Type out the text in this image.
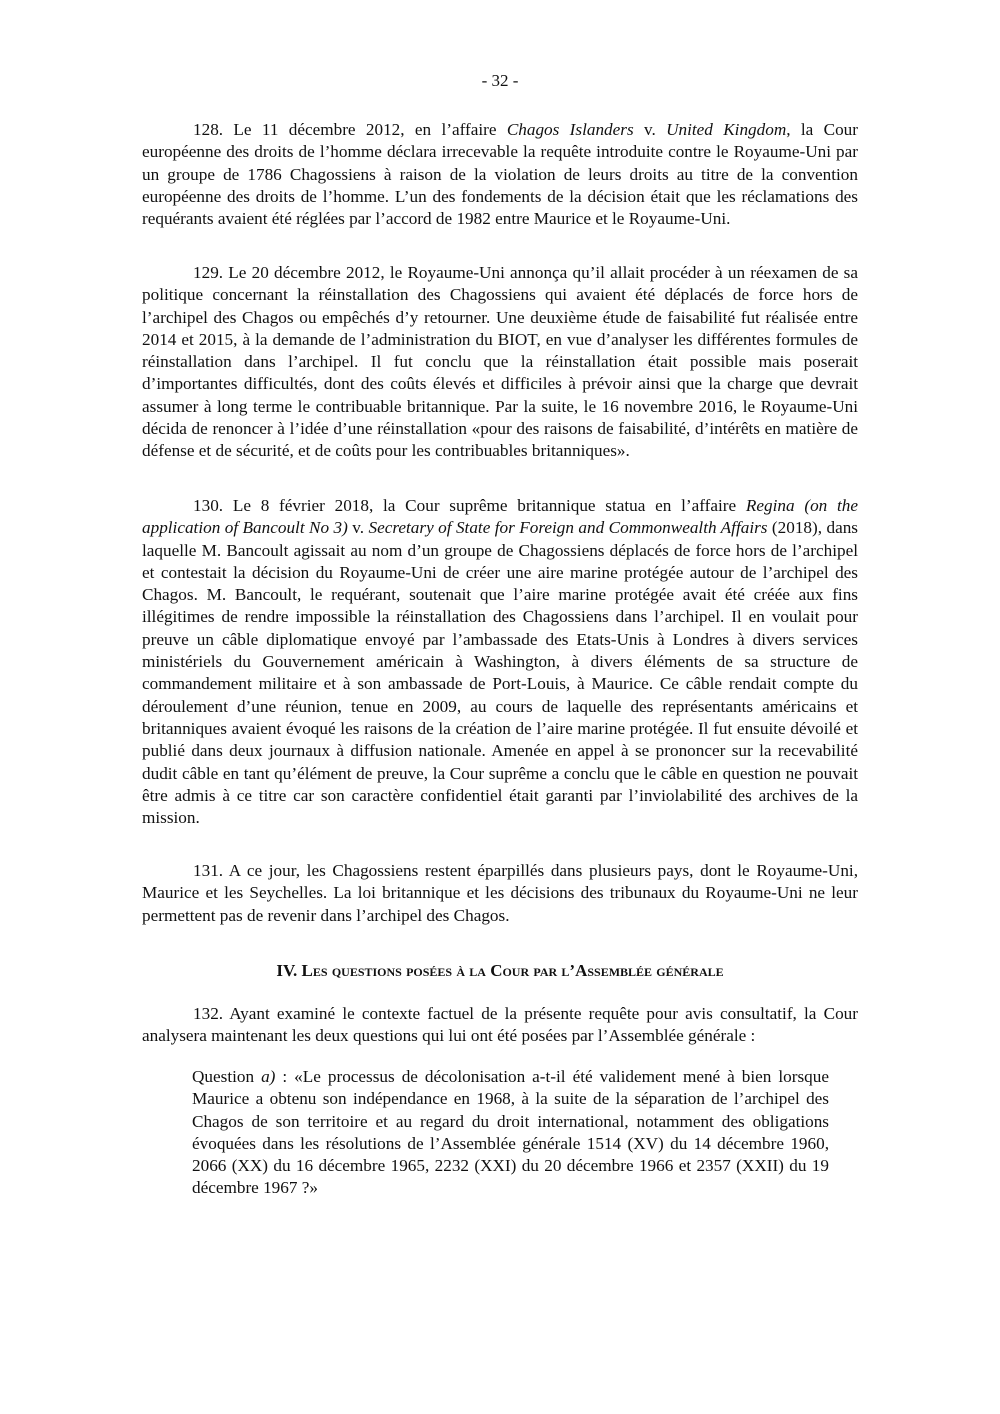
- 32 -

128. Le 11 décembre 2012, en l’affaire Chagos Islanders v. United Kingdom, la Cour européenne des droits de l’homme déclara irrecevable la requête introduite contre le Royaume-Uni par un groupe de 1786 Chagossiens à raison de la violation de leurs droits au titre de la convention européenne des droits de l’homme. L’un des fondements de la décision était que les réclamations des requérants avaient été réglées par l’accord de 1982 entre Maurice et le Royaume-Uni.

129. Le 20 décembre 2012, le Royaume-Uni annonça qu’il allait procéder à un réexamen de sa politique concernant la réinstallation des Chagossiens qui avaient été déplacés de force hors de l’archipel des Chagos ou empêchés d’y retourner. Une deuxième étude de faisabilité fut réalisée entre 2014 et 2015, à la demande de l’administration du BIOT, en vue d’analyser les différentes formules de réinstallation dans l’archipel. Il fut conclu que la réinstallation était possible mais poserait d’importantes difficultés, dont des coûts élevés et difficiles à prévoir ainsi que la charge que devrait assumer à long terme le contribuable britannique. Par la suite, le 16 novembre 2016, le Royaume-Uni décida de renoncer à l’idée d’une réinstallation «pour des raisons de faisabilité, d’intérêts en matière de défense et de sécurité, et de coûts pour les contribuables britanniques».

130. Le 8 février 2018, la Cour suprême britannique statua en l’affaire Regina (on the application of Bancoult No 3) v. Secretary of State for Foreign and Commonwealth Affairs (2018), dans laquelle M. Bancoult agissait au nom d’un groupe de Chagossiens déplacés de force hors de l’archipel et contestait la décision du Royaume-Uni de créer une aire marine protégée autour de l’archipel des Chagos. M. Bancoult, le requérant, soutenait que l’aire marine protégée avait été créée aux fins illégitimes de rendre impossible la réinstallation des Chagossiens dans l’archipel. Il en voulait pour preuve un câble diplomatique envoyé par l’ambassade des Etats-Unis à Londres à divers services ministériels du Gouvernement américain à Washington, à divers éléments de sa structure de commandement militaire et à son ambassade de Port-Louis, à Maurice. Ce câble rendait compte du déroulement d’une réunion, tenue en 2009, au cours de laquelle des représentants américains et britanniques avaient évoqué les raisons de la création de l’aire marine protégée. Il fut ensuite dévoilé et publié dans deux journaux à diffusion nationale. Amenée en appel à se prononcer sur la recevabilité dudit câble en tant qu’élément de preuve, la Cour suprême a conclu que le câble en question ne pouvait être admis à ce titre car son caractère confidentiel était garanti par l’inviolabilité des archives de la mission.

131. A ce jour, les Chagossiens restent éparpillés dans plusieurs pays, dont le Royaume-Uni, Maurice et les Seychelles. La loi britannique et les décisions des tribunaux du Royaume-Uni ne leur permettent pas de revenir dans l’archipel des Chagos.

IV. Les questions posées à la Cour par l’Assemblée générale

132. Ayant examiné le contexte factuel de la présente requête pour avis consultatif, la Cour analysera maintenant les deux questions qui lui ont été posées par l’Assemblée générale :

Question a) : «Le processus de décolonisation a-t-il été validement mené à bien lorsque Maurice a obtenu son indépendance en 1968, à la suite de la séparation de l’archipel des Chagos de son territoire et au regard du droit international, notamment des obligations évoquées dans les résolutions de l’Assemblée générale 1514 (XV) du 14 décembre 1960, 2066 (XX) du 16 décembre 1965, 2232 (XXI) du 20 décembre 1966 et 2357 (XXII) du 19 décembre 1967 ?»
